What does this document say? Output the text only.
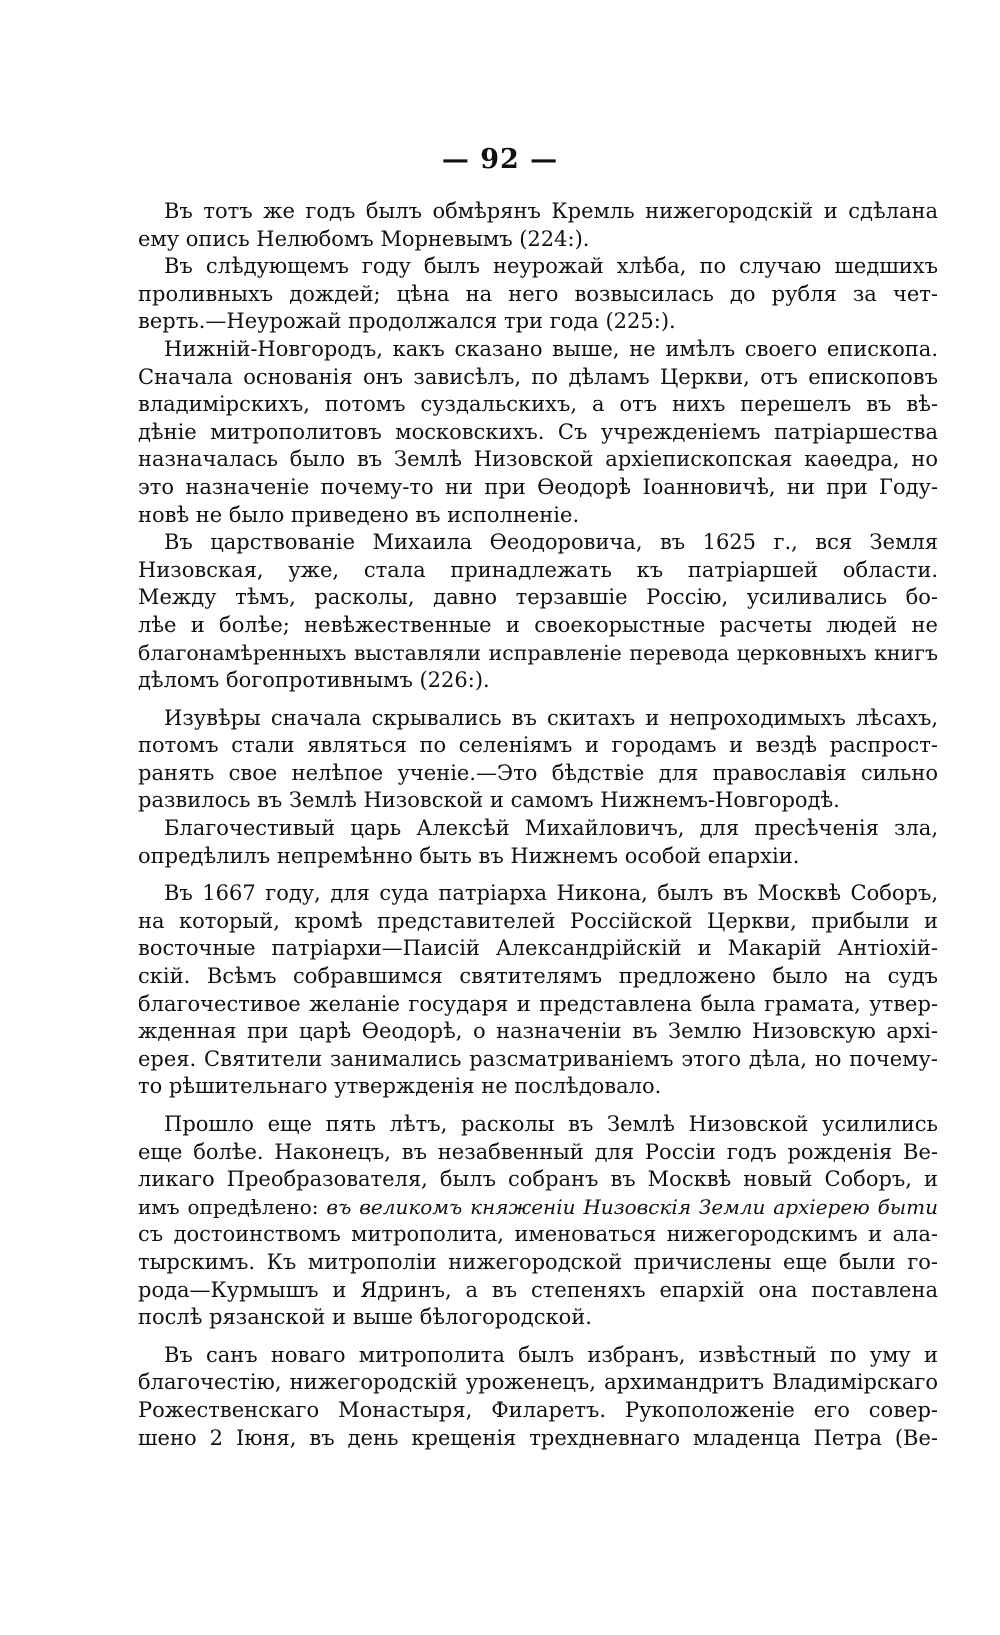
— 92 —
Въ тотъ же годъ былъ обмѣрянъ Кремль нижегородскій и сдѣлана
ему опись Нелюбомъ Морневымъ (224:).
Въ слѣдующемъ году былъ неурожай хлѣба, по случаю шедшихъ
проливныхъ дождей; цѣна на него возвысилась до рубля за чет-
верть.—Неурожай продолжался три года (225:).
Нижній-Новгородъ, какъ сказано выше, не имѣлъ своего епископа.
Сначала основанія онъ зависѣлъ, по дѣламъ Церкви, отъ епископовъ
владимірскихъ, потомъ суздальскихъ, а отъ нихъ перешелъ въ вѣ-
дѣніе митрополитовъ московскихъ. Съ учрежденіемъ патріаршества
назначалась было въ Землѣ Низовской архіепископская каѳедра, но
это назначеніе почему-то ни при Ѳеодорѣ Іоанновичѣ, ни при Году-
новѣ не было приведено въ исполненіе.
Въ царствованіе Михаила Ѳеодоровича, въ 1625 г., вся Земля
Низовская, уже, стала принадлежать къ патріаршей области.
Между тѣмъ, расколы, давно терзавшіе Россію, усиливались бо-
лѣе и болѣе; невѣжественные и своекорыстные расчеты людей не
благонамѣренныхъ выставляли исправленіе перевода церковныхъ книгъ
дѣломъ богопротивнымъ (226:).
Изувѣры сначала скрывались въ скитахъ и непроходимыхъ лѣсахъ,
потомъ стали являться по селеніямъ и городамъ и вездѣ распрост-
ранять свое нелѣпое ученіе.—Это бѣдствіе для православія сильно
развилось въ Землѣ Низовской и самомъ Нижнемъ-Новгородѣ.
Благочестивый царь Алексѣй Михайловичъ, для пресѣченія зла,
опредѣлилъ непремѣнно быть въ Нижнемъ особой епархіи.
Въ 1667 году, для суда патріарха Никона, былъ въ Москвѣ Соборъ,
на который, кромѣ представителей Россійской Церкви, прибыли и
восточные патріархи—Паисій Александрійскій и Макарій Антіохій-
скій. Всѣмъ собравшимся святителямъ предложено было на судъ
благочестивое желаніе государя и представлена была грамата, утвер-
жденная при царѣ Ѳеодорѣ, о назначеніи въ Землю Низовскую архі-
ерея. Святители занимались разсматриваніемъ этого дѣла, но почему-
то рѣшительнаго утвержденія не послѣдовало.
Прошло еще пять лѣтъ, расколы въ Землѣ Низовской усилились
еще болѣе. Наконецъ, въ незабвенный для Россіи годъ рожденія Ве-
ликаго Преобразователя, былъ собранъ въ Москвѣ новый Соборъ, и
имъ опредѣлено: въ великомъ княженіи Низовскія Земли архіерею быти
съ достоинствомъ митрополита, именоваться нижегородскимъ и ала-
тырскимъ. Къ митрополіи нижегородской причислены еще были го-
рода—Курмышъ и Ядринъ, а въ степеняхъ епархій она поставлена
послѣ рязанской и выше бѣлогородской.
Въ санъ новаго митрополита былъ избранъ, извѣстный по уму и
благочестію, нижегородскій уроженецъ, архимандритъ Владимірскаго
Рожественскаго Монастыря, Филаретъ. Рукоположеніе его совер-
шено 2 Іюня, въ день крещенія трехдневнаго младенца Петра (Ве-
